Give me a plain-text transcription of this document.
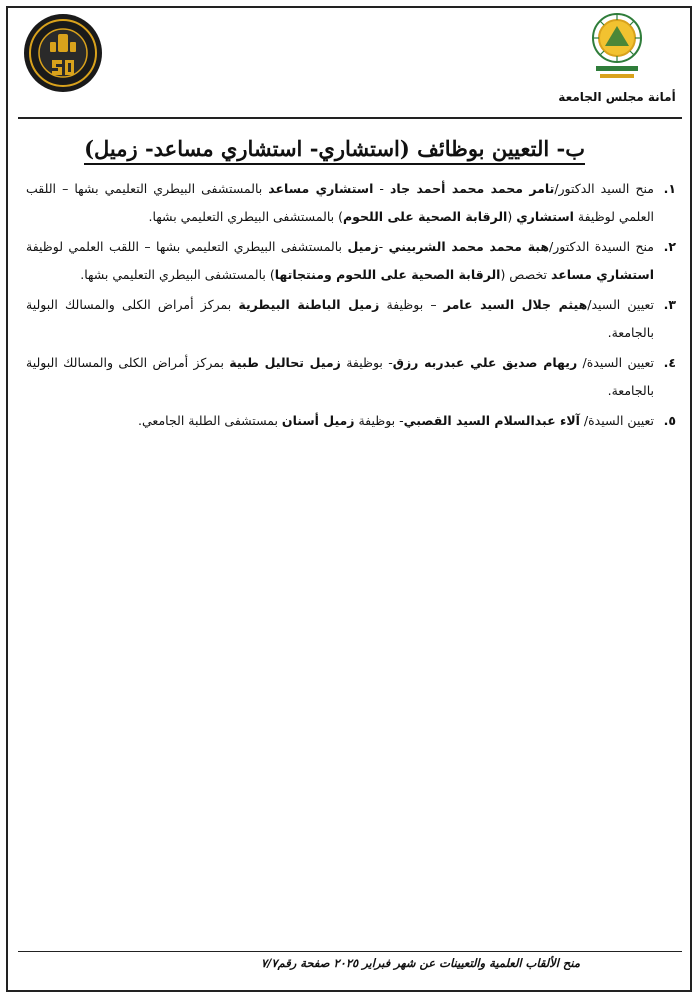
أمانة مجلس الجامعة
ب- التعيين بوظائف (استشاري- استشاري مساعد- زميل)
١.
منح السيد الدكتور/تامر محمد محمد أحمد جاد - استشاري مساعد بالمستشفى البيطري التعليمي بشها – اللقب العلمي لوظيفة استشاري (الرقابة الصحية على اللحوم) بالمستشفى البيطري التعليمي بشها.
٢.
منح السيدة الدكتور/هبة محمد محمد الشربيني -زميل بالمستشفى البيطري التعليمي بشها – اللقب العلمي لوظيفة استشاري مساعد تخصص (الرقابة الصحية على اللحوم ومنتجاتها) بالمستشفى البيطري التعليمي بشها.
٣.
تعيين السيد/هيثم جلال السيد عامر – بوظيفة زميل الباطنة البيطرية بمركز أمراض الكلى والمسالك البولية بالجامعة.
٤.
تعيين السيدة/ ريهام صديق علي عبدربه رزق- بوظيفة زميل تحاليل طبية بمركز أمراض الكلى والمسالك البولية بالجامعة.
٥.
تعيين السيدة/ آلاء عبدالسلام السيد القصبي- بوظيفة زميل أسنان بمستشفى الطلبة الجامعي.
منح الألقاب العلمية والتعيينات عن شهر فبراير ٢٠٢٥ صفحة رقم٧/٧
